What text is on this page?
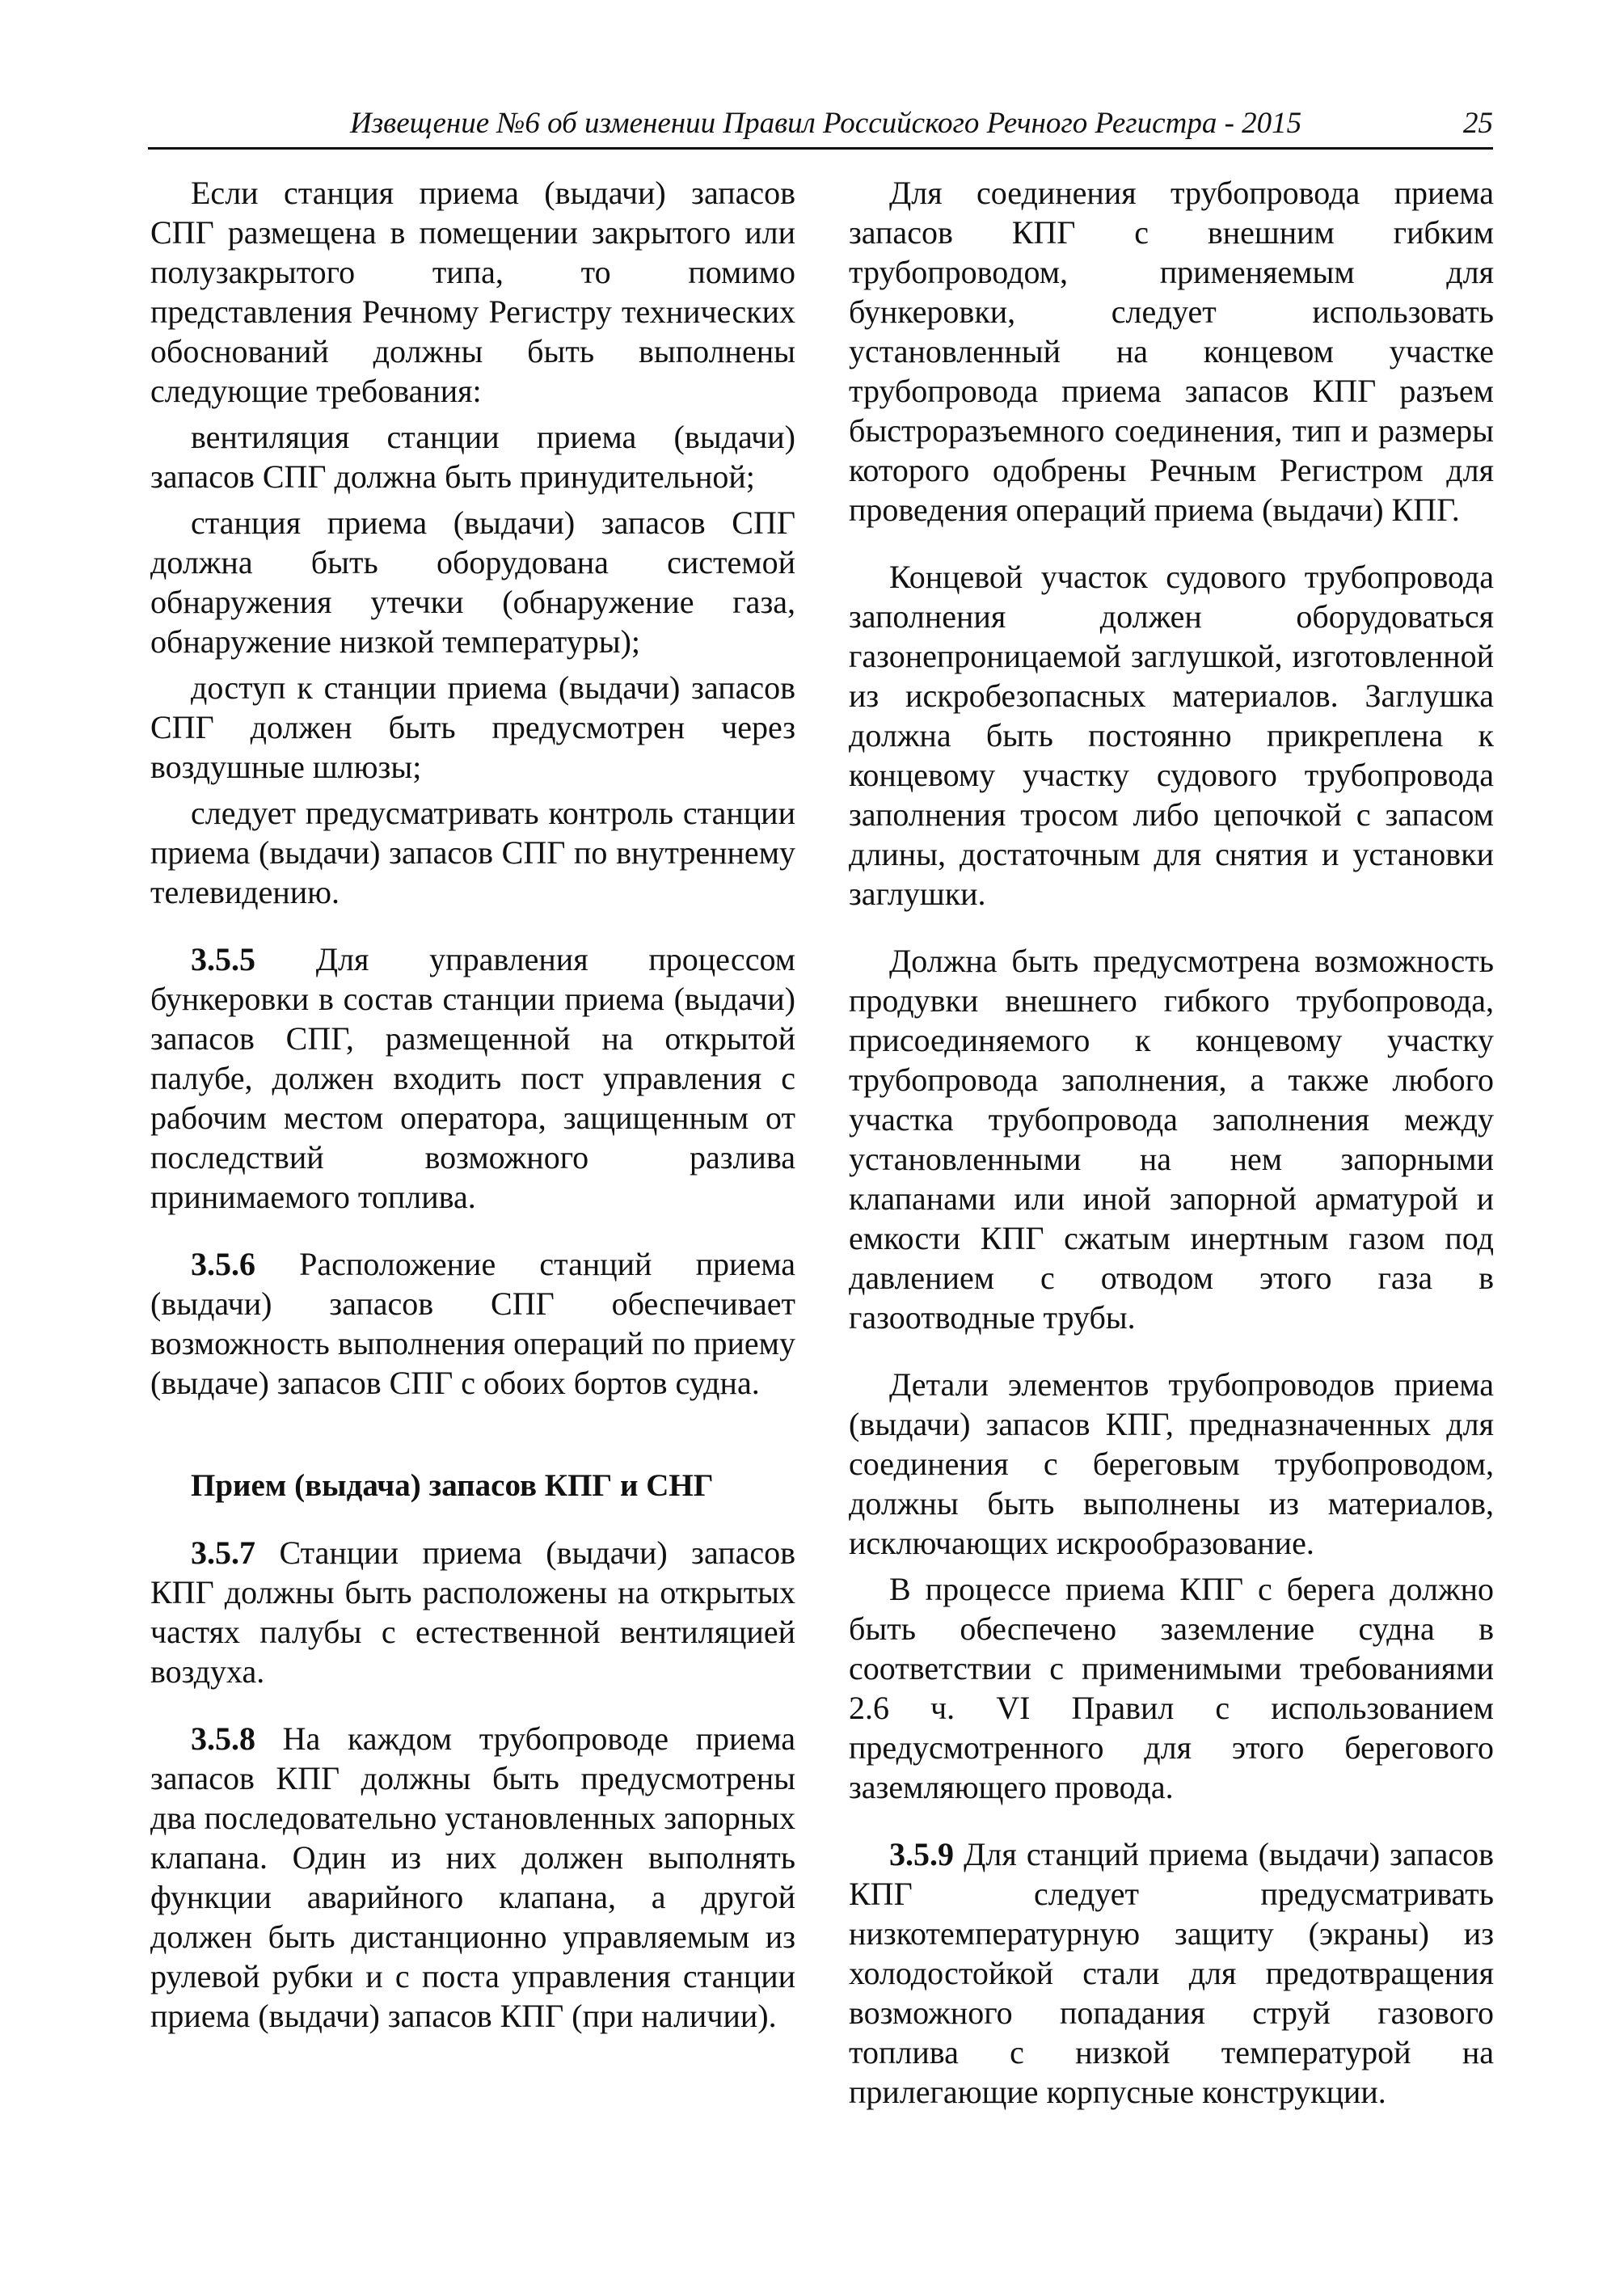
Извещение №6 об изменении Правил Российского Речного Регистра - 2015	25

Если станция приема (выдачи) запасов СПГ размещена в помещении закрытого или полузакрытого типа, то помимо представления Речному Регистру технических обоснований должны быть выполнены следующие требования:

вентиляция станции приема (выдачи) запасов СПГ должна быть принудительной;

станция приема (выдачи) запасов СПГ должна быть оборудована системой обнаружения утечки (обнаружение газа, обнаружение низкой температуры);

доступ к станции приема (выдачи) запасов СПГ должен быть предусмотрен через воздушные шлюзы;

следует предусматривать контроль станции приема (выдачи) запасов СПГ по внутреннему телевидению.

3.5.5 Для управления процессом бункеровки в состав станции приема (выдачи) запасов СПГ, размещенной на открытой палубе, должен входить пост управления с рабочим местом оператора, защищенным от последствий возможного разлива принимаемого топлива.

3.5.6 Расположение станций приема (выдачи) запасов СПГ обеспечивает возможность выполнения операций по приему (выдаче) запасов СПГ с обоих бортов судна.

Прием (выдача) запасов КПГ и СНГ

3.5.7 Станции приема (выдачи) запасов КПГ должны быть расположены на открытых частях палубы с естественной вентиляцией воздуха.

3.5.8 На каждом трубопроводе приема запасов КПГ должны быть предусмотрены два последовательно установленных запорных клапана. Один из них должен выполнять функции аварийного клапана, а другой должен быть дистанционно управляемым из рулевой рубки и с поста управления станции приема (выдачи) запасов КПГ (при наличии).

Для соединения трубопровода приема запасов КПГ с внешним гибким трубопроводом, применяемым для бункеровки, следует использовать установленный на концевом участке трубопровода приема запасов КПГ разъем быстроразъемного соединения, тип и размеры которого одобрены Речным Регистром для проведения операций приема (выдачи) КПГ.

Концевой участок судового трубопровода заполнения должен оборудоваться газонепроницаемой заглушкой, изготовленной из искробезопасных материалов. Заглушка должна быть постоянно прикреплена к концевому участку судового трубопровода заполнения тросом либо цепочкой с запасом длины, достаточным для снятия и установки заглушки.

Должна быть предусмотрена возможность продувки внешнего гибкого трубопровода, присоединяемого к концевому участку трубопровода заполнения, а также любого участка трубопровода заполнения между установленными на нем запорными клапанами или иной запорной арматурой и емкости КПГ сжатым инертным газом под давлением с отводом этого газа в газоотводные трубы.

Детали элементов трубопроводов приема (выдачи) запасов КПГ, предназначенных для соединения с береговым трубопроводом, должны быть выполнены из материалов, исключающих искрообразование.

В процессе приема КПГ с берега должно быть обеспечено заземление судна в соответствии с применимыми требованиями 2.6 ч. VI Правил с использованием предусмотренного для этого берегового заземляющего провода.

3.5.9 Для станций приема (выдачи) запасов КПГ следует предусматривать низкотемпературную защиту (экраны) из холодостойкой стали для предотвращения возможного попадания струй газового топлива с низкой температурой на прилегающие корпусные конструкции.
